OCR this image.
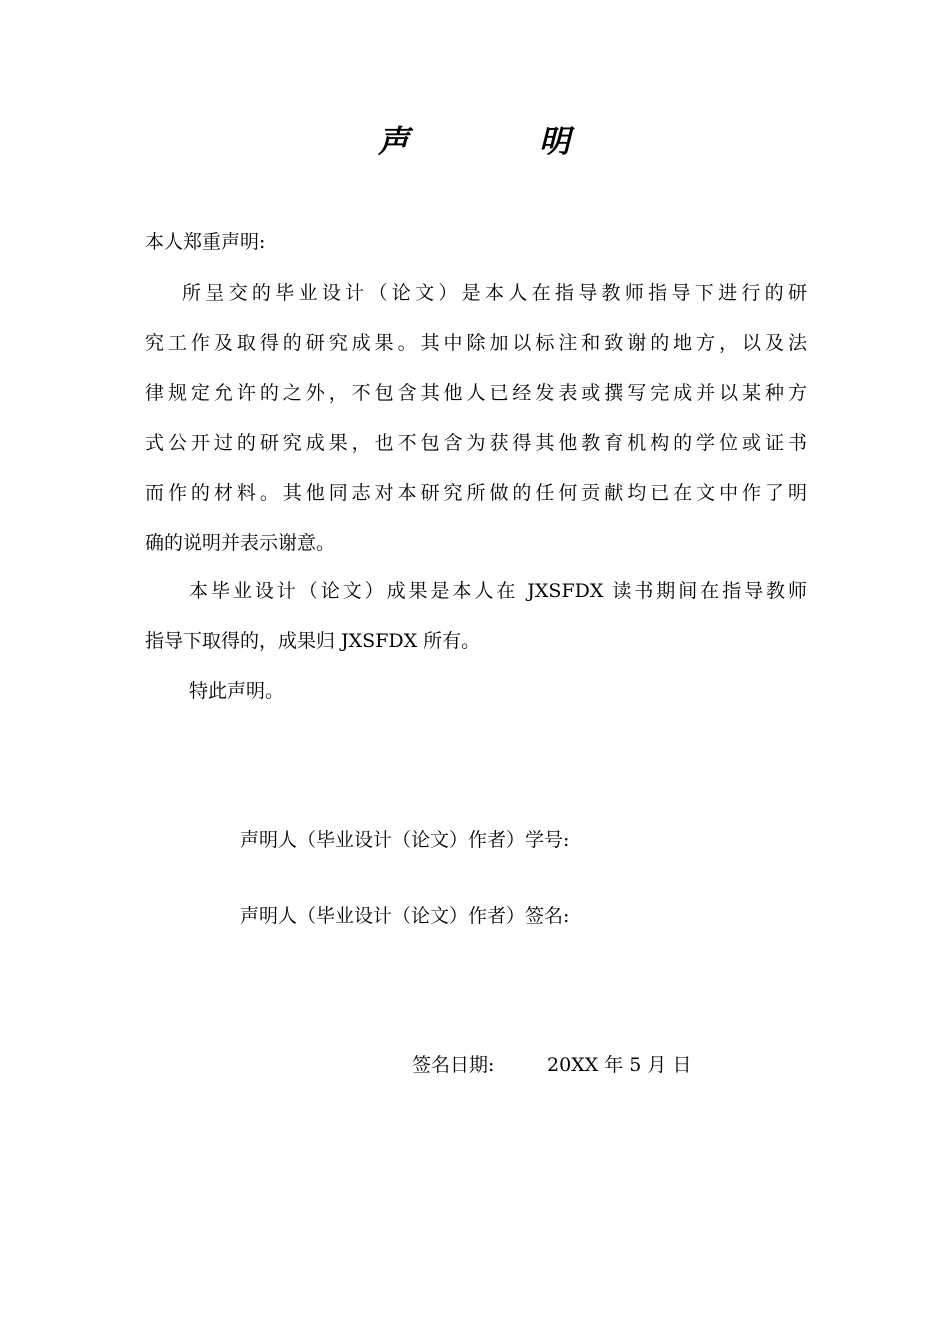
声          明
本人郑重声明:
所呈交的毕业设计（论文）是本人在指导教师指导下进行的研
究工作及取得的研究成果。其中除加以标注和致谢的地方，以及法
律规定允许的之外，不包含其他人已经发表或撰写完成并以某种方
式公开过的研究成果，也不包含为获得其他教育机构的学位或证书
而作的材料。其他同志对本研究所做的任何贡献均已在文中作了明
确的说明并表示谢意。
本毕业设计（论文）成果是本人在 JXSFDX 读书期间在指导教师
指导下取得的，成果归 JXSFDX 所有。
特此声明。
声明人（毕业设计（论文）作者）学号:
声明人（毕业设计（论文）作者）签名:
签名日期:	20XX 年 5 月 日
